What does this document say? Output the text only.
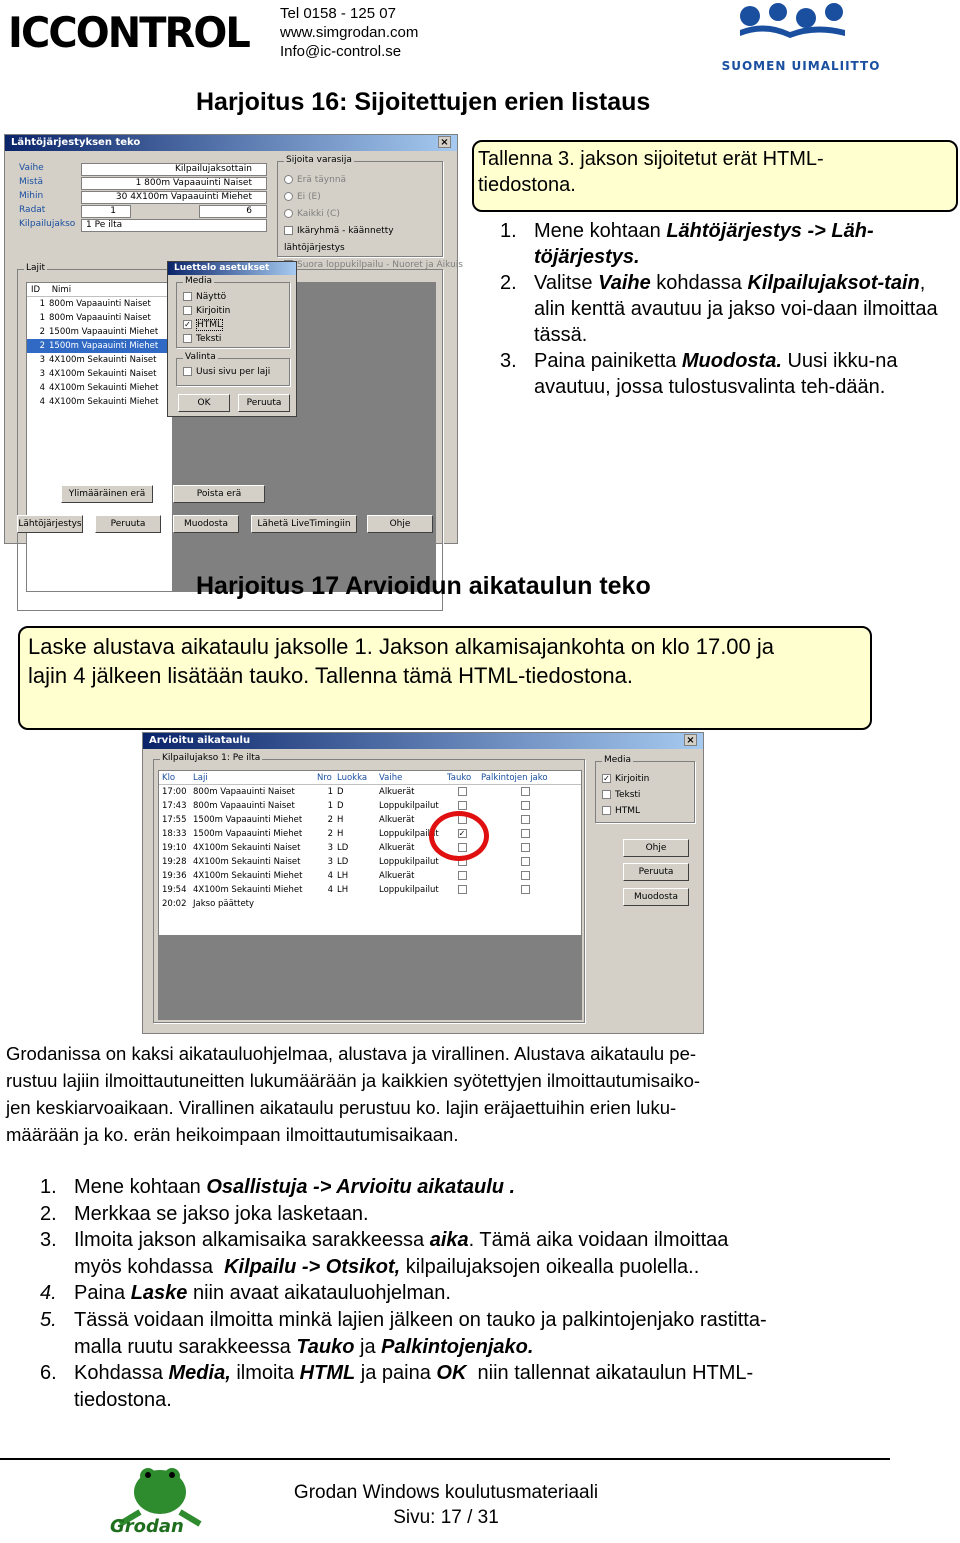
ICCONTROL	Tel 0158 - 125 07
www.simgrodan.com
Info@ic-control.se
SUOMEN UIMALIITTO
Harjoitus 16: Sijoitettujen erien listaus
Lähtöjärjestyksen teko	×
Vaihe	Kilpailujaksottain
Mistä	1 800m Vapaauinti Naiset
Mihin	30 4X100m Vapaauinti Miehet
Radat	1	6
Kilpailujakso	1 Pe ilta
Sijoita varasija
Erä täynnä
Ei (E)
Kaikki (C)
Ikäryhmä - käännetty lähtöjärjestys
Suora loppukilpailu - Nuoret ja Aikuis
Lajit
ID Nimi
1 800m Vapaauinti Naiset
1 800m Vapaauinti Naiset
2 1500m Vapaauinti Miehet
2 1500m Vapaauinti Miehet
3 4X100m Sekauinti Naiset
3 4X100m Sekauinti Naiset
4 4X100m Sekauinti Miehet
4 4X100m Sekauinti Miehet
Luettelo asetukset
Media
Näyttö
Kirjoitin
✓ HTML
Teksti
Valinta
Uusi sivu per laji
OK	Peruuta
Ylimääräinen erä	Poista erä
Lähtöjärjestys	Peruuta	Muodosta	Lähetä LiveTimingiin	Ohje
Tallenna 3. jakson sijoitetut erät HTML-tiedostona.
1. Mene kohtaan Lähtöjärjestys -> Läh-töjärjestys.
2. Valitse Vaihe kohdassa Kilpailujaksot-tain, alin kenttä avautuu ja jakso voi-daan ilmoittaa tässä.
3. Paina painiketta Muodosta. Uusi ikku-na avautuu, jossa tulostusvalinta teh-dään.
Harjoitus 17 Arvioidun aikataulun teko
Laske alustava aikataulu jaksolle 1. Jakson alkamisajankohta on klo 17.00 ja lajin 4 jälkeen lisätään tauko. Tallenna tämä HTML-tiedostona.
Arvioitu aikataulu	×
Kilpailujakso 1: Pe ilta
Klo	Laji	Nro Luokka	Vaihe	Tauko	Palkintojen jako
17:00 800m Vapaauinti Naiset	1 D	Alkuerät
17:43 800m Vapaauinti Naiset	1 D	Loppukilpailut
17:55 1500m Vapaauinti Miehet	2 H	Alkuerät
18:33 1500m Vapaauinti Miehet	2 H	Loppukilpailut	✓
19:10 4X100m Sekauinti Naiset	3 LD	Alkuerät
19:28 4X100m Sekauinti Naiset	3 LD	Loppukilpailut
19:36 4X100m Sekauinti Miehet	4 LH	Alkuerät
19:54 4X100m Sekauinti Miehet	4 LH	Loppukilpailut
20:02 Jakso päättety
Media
✓ Kirjoitin
Teksti
HTML
Ohje
Peruuta
Muodosta
Grodanissa on kaksi aikatauluohjelmaa, alustava ja virallinen. Alustava aikataulu pe-
rustuu lajiin ilmoittautuneitten lukumäärään ja kaikkien syötettyjen ilmoittautumisaiko-
jen keskiarvoaikaan. Virallinen aikataulu perustuu ko. lajin eräjaettuihin erien luku-
määrään ja ko. erän heikoimpaan ilmoittautumisaikaan.
1. Mene kohtaan Osallistuja -> Arvioitu aikataulu .
2. Merkkaa se jakso joka lasketaan.
3. Ilmoita jakson alkamisaika sarakkeessa aika. Tämä aika voidaan ilmoittaa
myös kohdassa  Kilpailu -> Otsikot, kilpailujaksojen oikealla puolella..
4. Paina Laske niin avaat aikatauluohjelman.
5. Tässä voidaan ilmoitta minkä lajien jälkeen on tauko ja palkintojenjako rastitta-
malla ruutu sarakkeessa Tauko ja Palkintojenjako.
6. Kohdassa Media, ilmoita HTML ja paina OK  niin tallennat aikataulun HTML-
tiedostona.
Grodan
Grodan Windows koulutusmateriaali
Sivu: 17 / 31
